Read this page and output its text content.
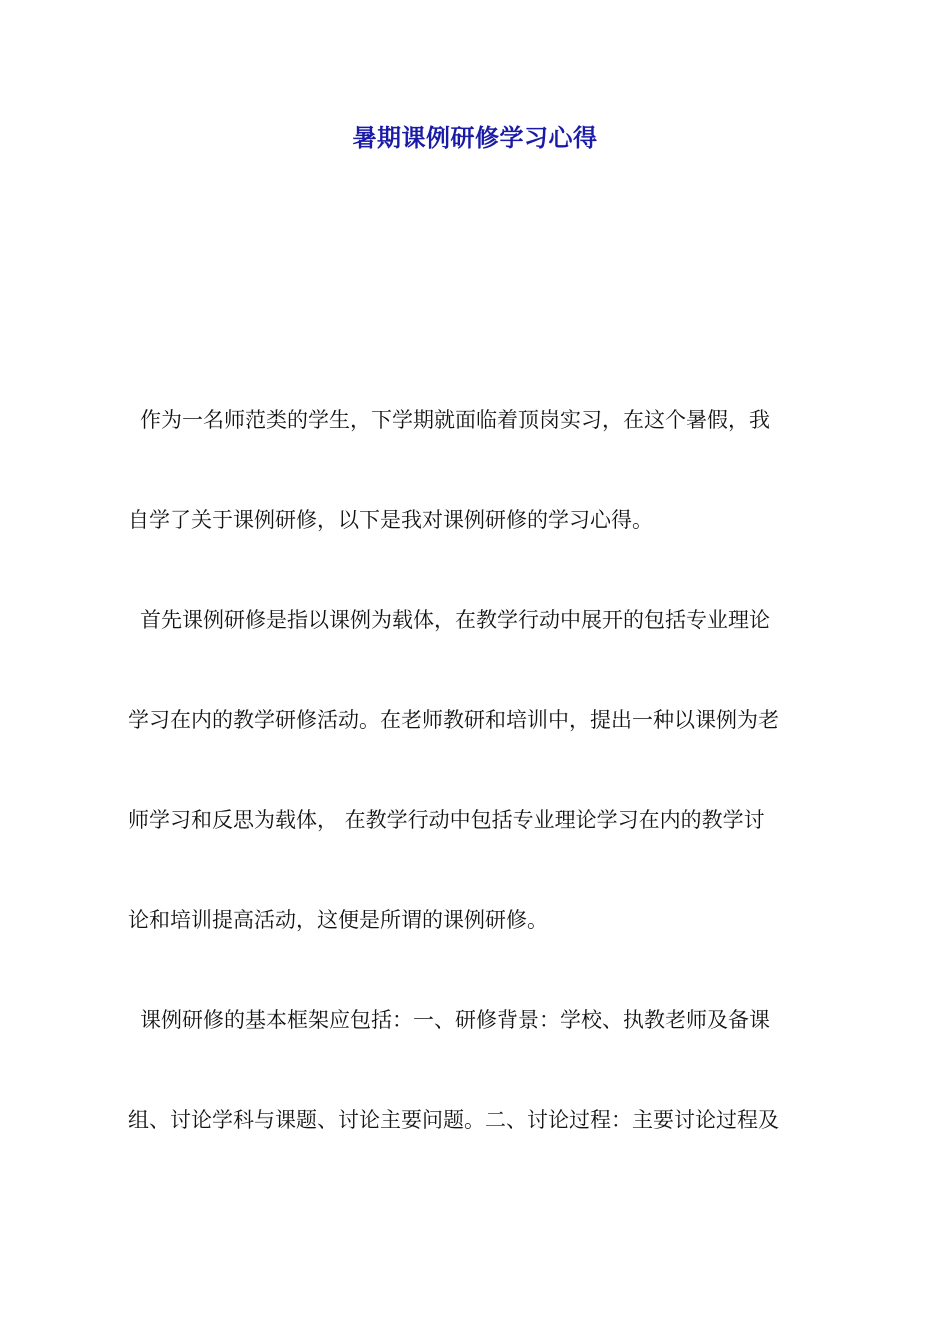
暑期课例研修学习心得

作为一名师范类的学生，下学期就面临着顶岗实习，在这个暑假，我

自学了关于课例研修，以下是我对课例研修的学习心得。

首先课例研修是指以课例为载体，在教学行动中展开的包括专业理论

学习在内的教学研修活动。在老师教研和培训中，提出一种以课例为老

师学习和反思为载体， 在教学行动中包括专业理论学习在内的教学讨

论和培训提高活动，这便是所谓的课例研修。

课例研修的基本框架应包括：一、研修背景：学校、执教老师及备课

组、讨论学科与课题、讨论主要问题。二、讨论过程：主要讨论过程及
